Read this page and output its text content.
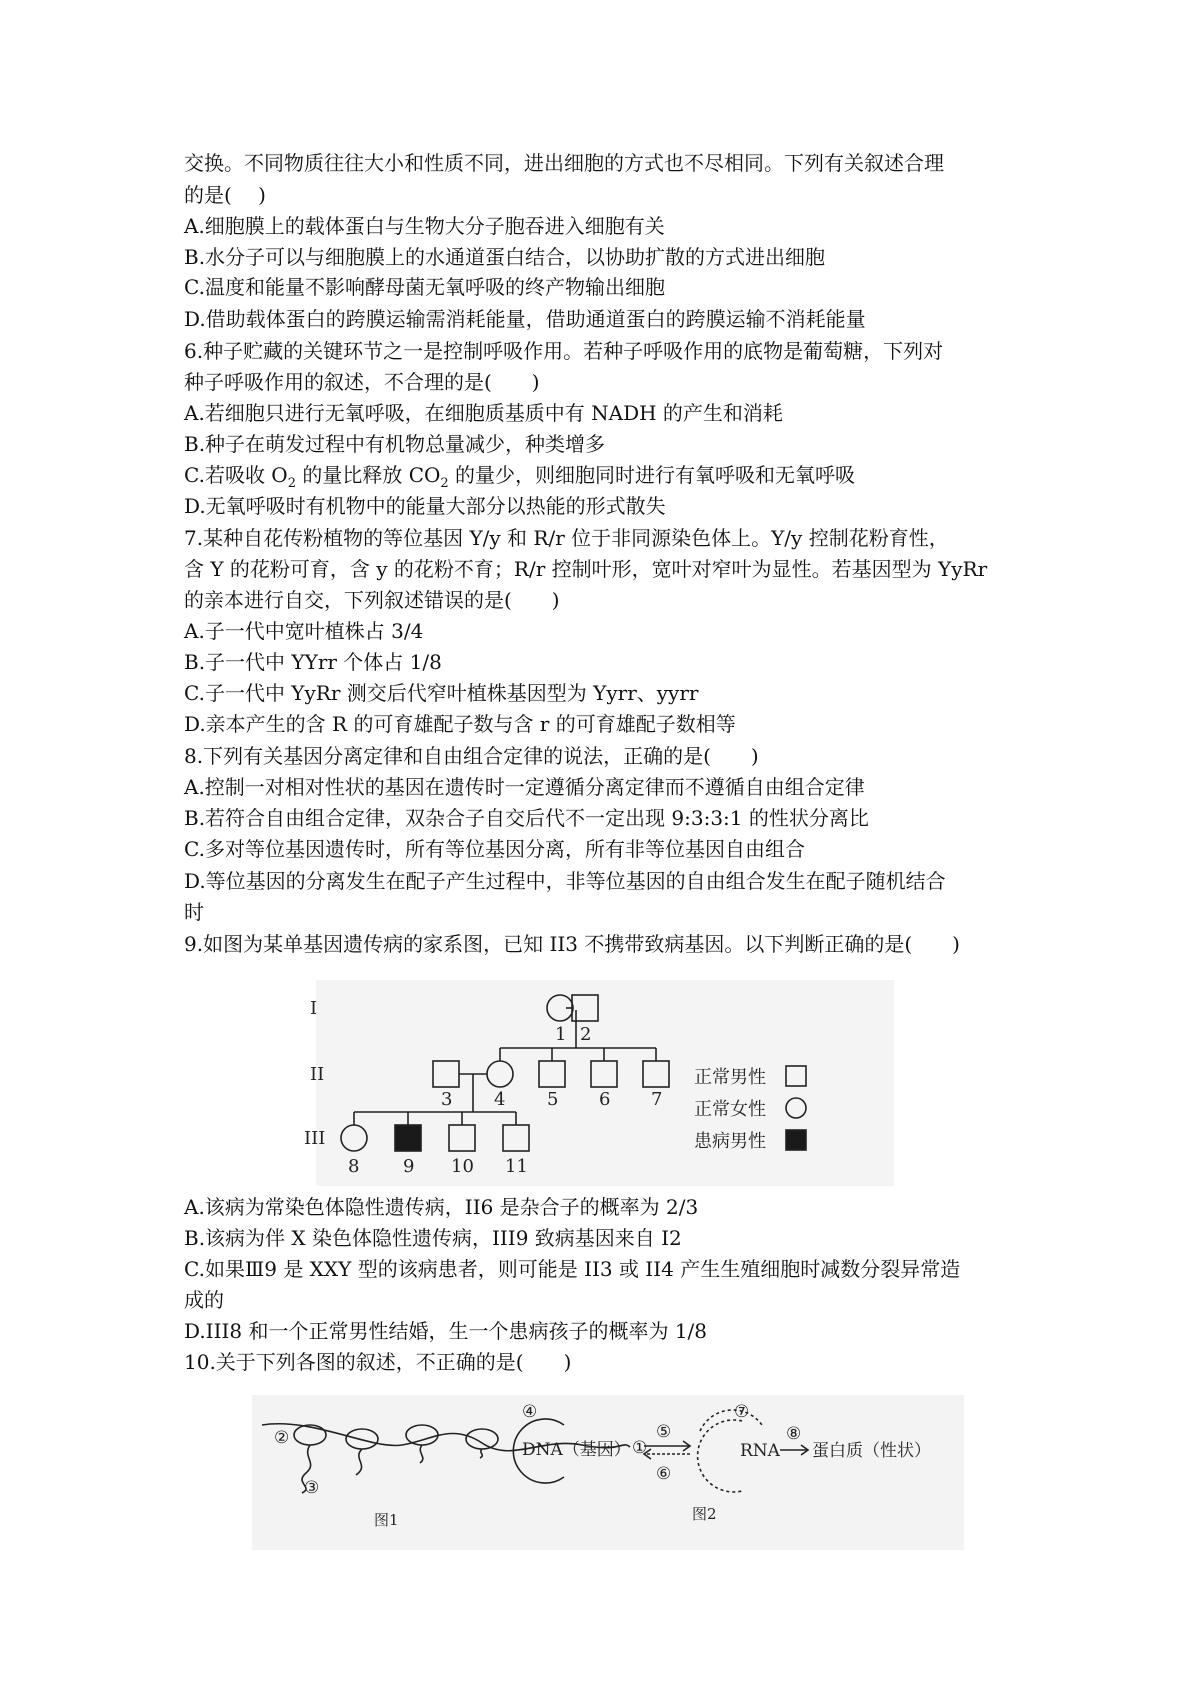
交换。不同物质往往大小和性质不同，进出细胞的方式也不尽相同。下列有关叙述合理
的是(　 )
A.细胞膜上的载体蛋白与生物大分子胞吞进入细胞有关
B.水分子可以与细胞膜上的水通道蛋白结合，以协助扩散的方式进出细胞
C.温度和能量不影响酵母菌无氧呼吸的终产物输出细胞
D.借助载体蛋白的跨膜运输需消耗能量，借助通道蛋白的跨膜运输不消耗能量
6.种子贮藏的关键环节之一是控制呼吸作用。若种子呼吸作用的底物是葡萄糖，下列对
种子呼吸作用的叙述，不合理的是(　　)
A.若细胞只进行无氧呼吸，在细胞质基质中有 NADH 的产生和消耗
B.种子在萌发过程中有机物总量减少，种类增多
C.若吸收 $O_2$ 的量比释放 $CO_2$ 的量少，则细胞同时进行有氧呼吸和无氧呼吸
D.无氧呼吸时有机物中的能量大部分以热能的形式散失
7.某种自花传粉植物的等位基因 Y/y 和 R/r 位于非同源染色体上。Y/y 控制花粉育性，
含 Y 的花粉可育，含 y 的花粉不育；R/r 控制叶形，宽叶对窄叶为显性。若基因型为 YyRr
的亲本进行自交，下列叙述错误的是(　　)
A.子一代中宽叶植株占 3/4
B.子一代中 YYrr 个体占 1/8
C.子一代中 YyRr 测交后代窄叶植株基因型为 Yyrr、yyrr
D.亲本产生的含 R 的可育雄配子数与含 r 的可育雄配子数相等
8.下列有关基因分离定律和自由组合定律的说法，正确的是(　　)
A.控制一对相对性状的基因在遗传时一定遵循分离定律而不遵循自由组合定律
B.若符合自由组合定律，双杂合子自交后代不一定出现 9:3:3:1 的性状分离比
C.多对等位基因遗传时，所有等位基因分离，所有非等位基因自由组合
D.等位基因的分离发生在配子产生过程中，非等位基因的自由组合发生在配子随机结合
时
9.如图为某单基因遗传病的家系图，已知 II3 不携带致病基因。以下判断正确的是(　　)
I
II
III
1 2
3 4 5 6 7
8 9 10 11
正常男性
正常女性
患病男性
A.该病为常染色体隐性遗传病，II6 是杂合子的概率为 2/3
B.该病为伴 X 染色体隐性遗传病，III9 致病基因来自 I2
C.如果Ⅲ9 是 XXY 型的该病患者，则可能是 II3 或 II4 产生生殖细胞时减数分裂异常造
成的
D.III8 和一个正常男性结婚，生一个患病孩子的概率为 1/8
10.关于下列各图的叙述，不正确的是(　　)
①
②
③
图1
④
DNA（基因）
⑤
⑥
⑦
RNA
⑧
蛋白质（性状）
图2
